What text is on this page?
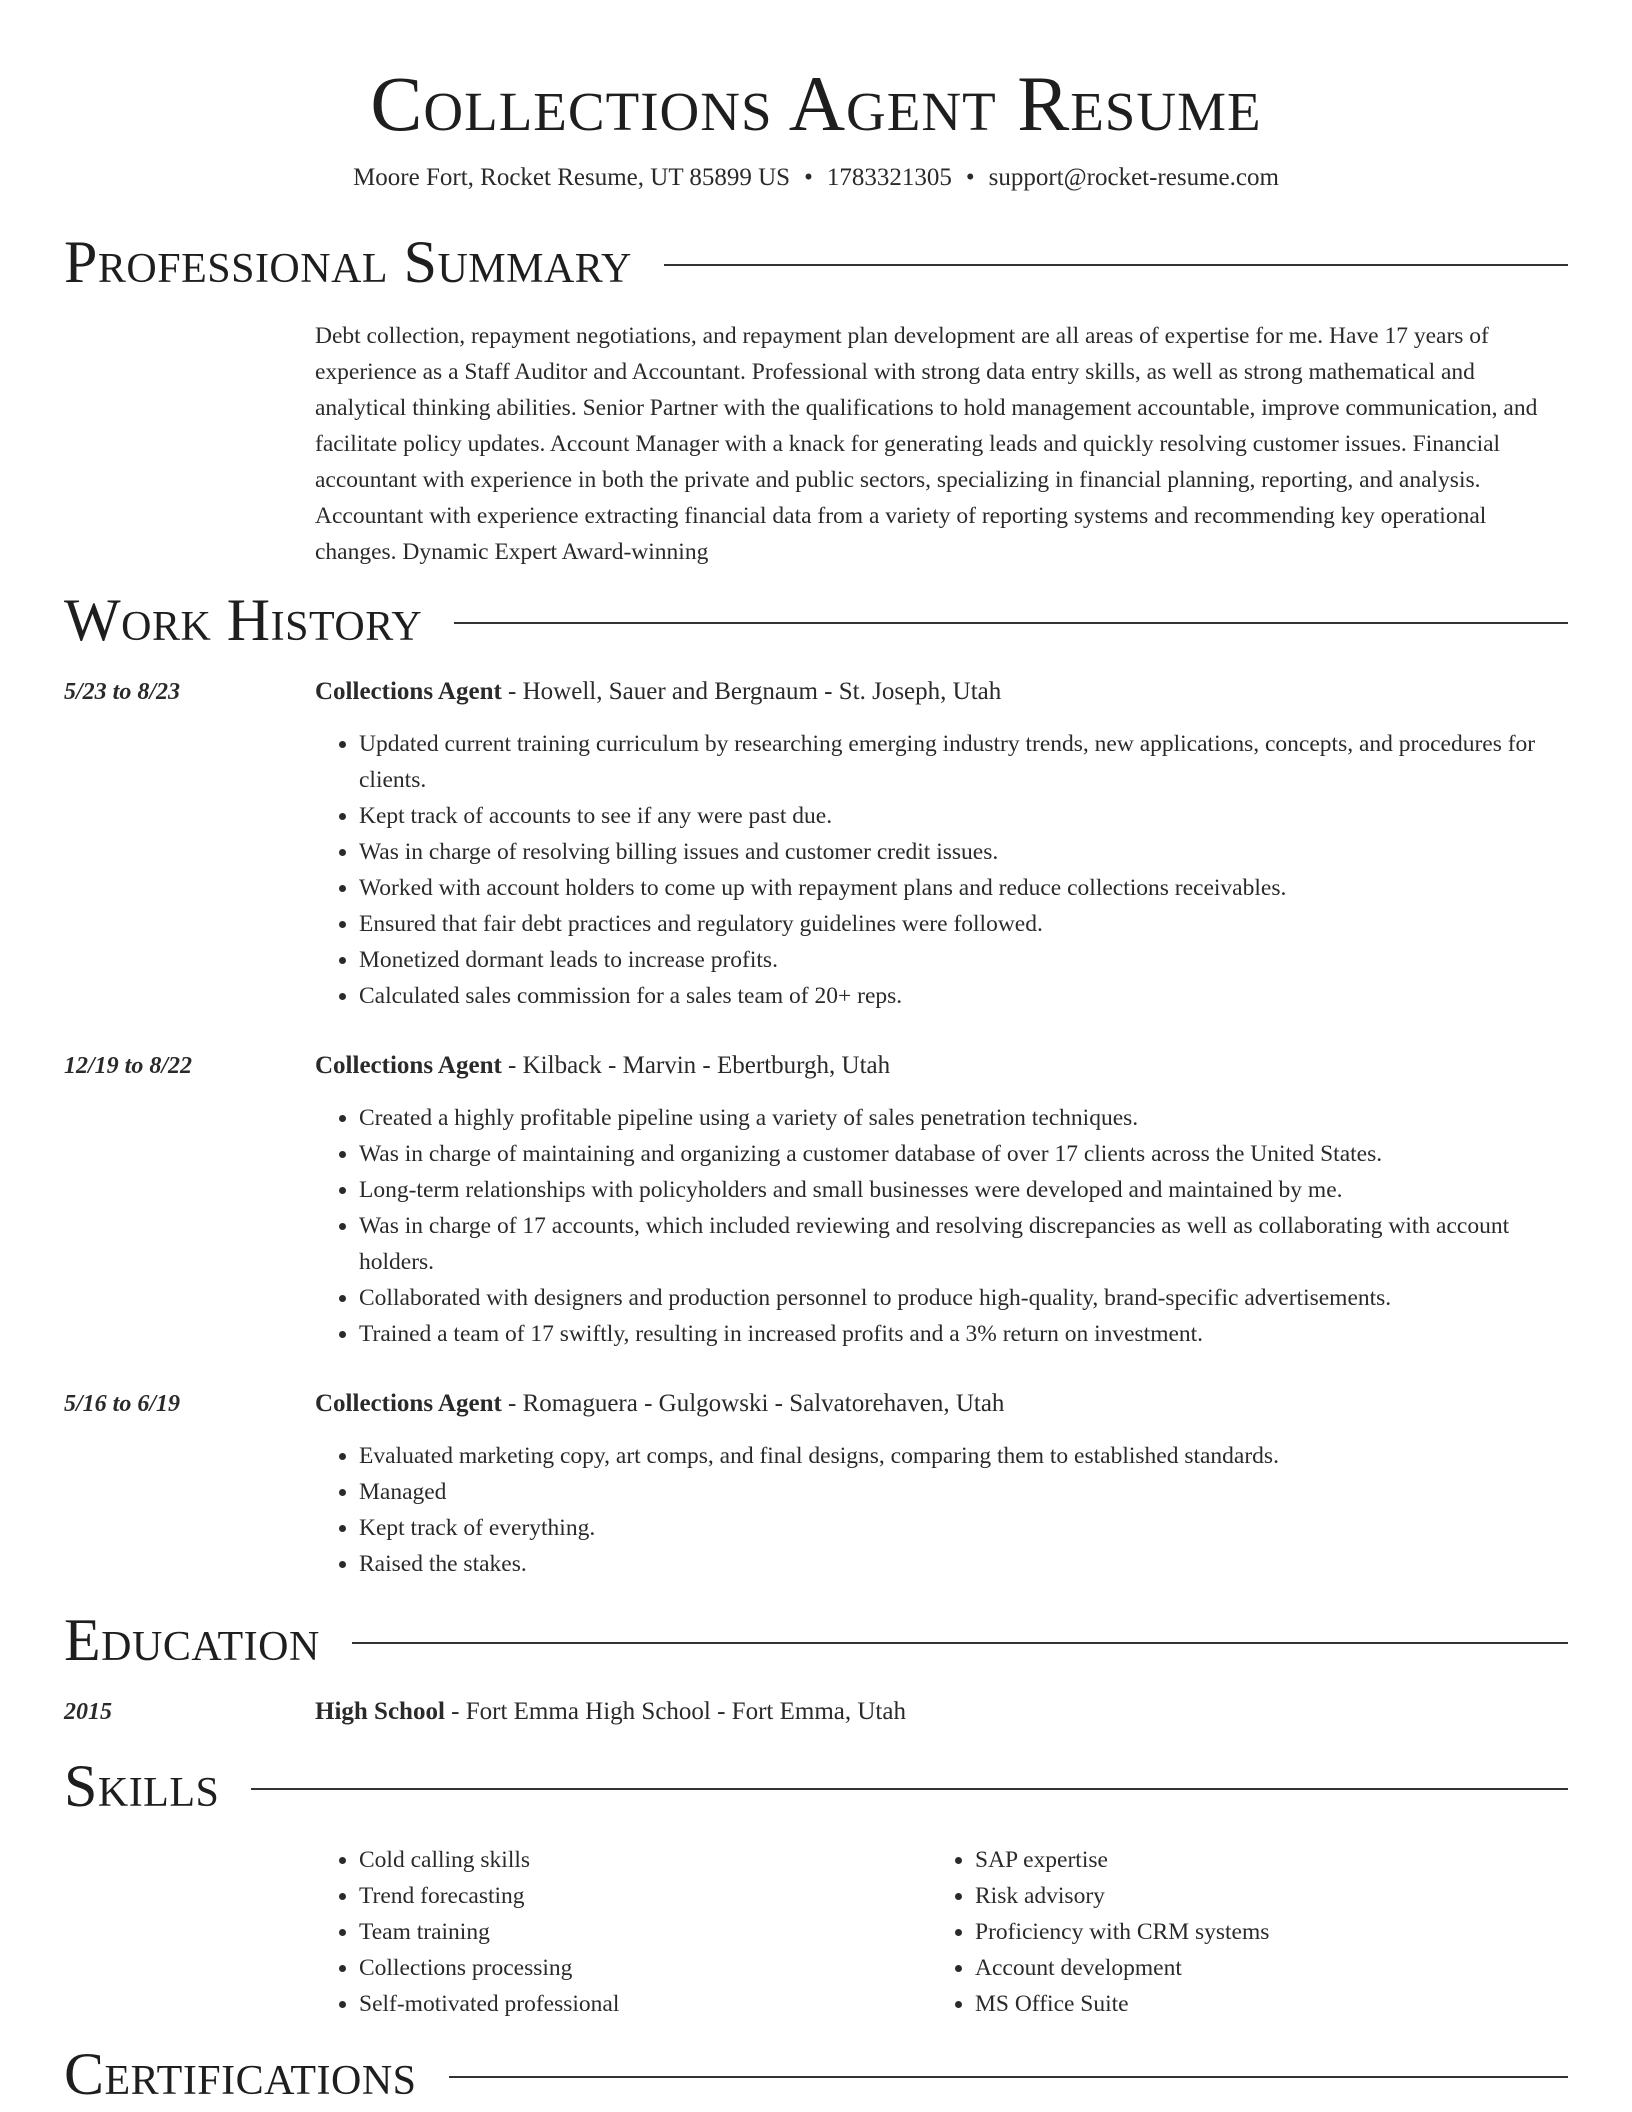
Collections Agent Resume
Moore Fort, Rocket Resume, UT 85899 US • 1783321305 • support@rocket-resume.com
Professional Summary
Debt collection, repayment negotiations, and repayment plan development are all areas of expertise for me. Have 17 years of experience as a Staff Auditor and Accountant. Professional with strong data entry skills, as well as strong mathematical and analytical thinking abilities. Senior Partner with the qualifications to hold management accountable, improve communication, and facilitate policy updates. Account Manager with a knack for generating leads and quickly resolving customer issues. Financial accountant with experience in both the private and public sectors, specializing in financial planning, reporting, and analysis. Accountant with experience extracting financial data from a variety of reporting systems and recommending key operational changes. Dynamic Expert Award-winning
Work History
5/23 to 8/23	Collections Agent - Howell, Sauer and Bergnaum - St. Joseph, Utah
• Updated current training curriculum by researching emerging industry trends, new applications, concepts, and procedures for clients.
• Kept track of accounts to see if any were past due.
• Was in charge of resolving billing issues and customer credit issues.
• Worked with account holders to come up with repayment plans and reduce collections receivables.
• Ensured that fair debt practices and regulatory guidelines were followed.
• Monetized dormant leads to increase profits.
• Calculated sales commission for a sales team of 20+ reps.
12/19 to 8/22	Collections Agent - Kilback - Marvin - Ebertburgh, Utah
• Created a highly profitable pipeline using a variety of sales penetration techniques.
• Was in charge of maintaining and organizing a customer database of over 17 clients across the United States.
• Long-term relationships with policyholders and small businesses were developed and maintained by me.
• Was in charge of 17 accounts, which included reviewing and resolving discrepancies as well as collaborating with account holders.
• Collaborated with designers and production personnel to produce high-quality, brand-specific advertisements.
• Trained a team of 17 swiftly, resulting in increased profits and a 3% return on investment.
5/16 to 6/19	Collections Agent - Romaguera - Gulgowski - Salvatorehaven, Utah
• Evaluated marketing copy, art comps, and final designs, comparing them to established standards.
• Managed
• Kept track of everything.
• Raised the stakes.
Education
2015	High School - Fort Emma High School - Fort Emma, Utah
Skills
• Cold calling skills
• Trend forecasting
• Team training
• Collections processing
• Self-motivated professional
• SAP expertise
• Risk advisory
• Proficiency with CRM systems
• Account development
• MS Office Suite
Certifications
